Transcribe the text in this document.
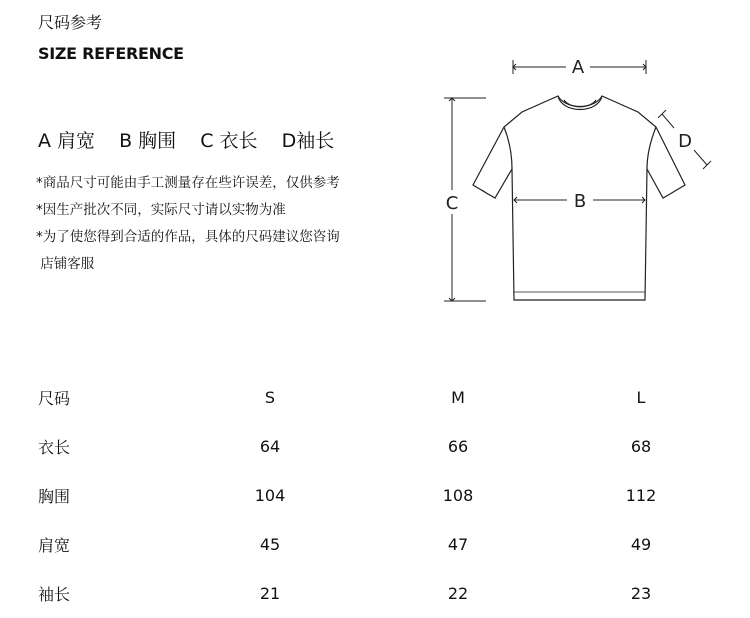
尺码参考
SIZE REFERENCE
A 肩宽 B 胸围 C 衣长 D袖长
*商品尺寸可能由手工测量存在些许误差，仅供参考
*因生产批次不同，实际尺寸请以实物为准
*为了使您得到合适的作品，具体的尺码建议您咨询
店铺客服
A
B
C
D
尺码	S	M	L
衣长	64	66	68
胸围	104	108	112
肩宽	45	47	49
袖长	21	22	23
